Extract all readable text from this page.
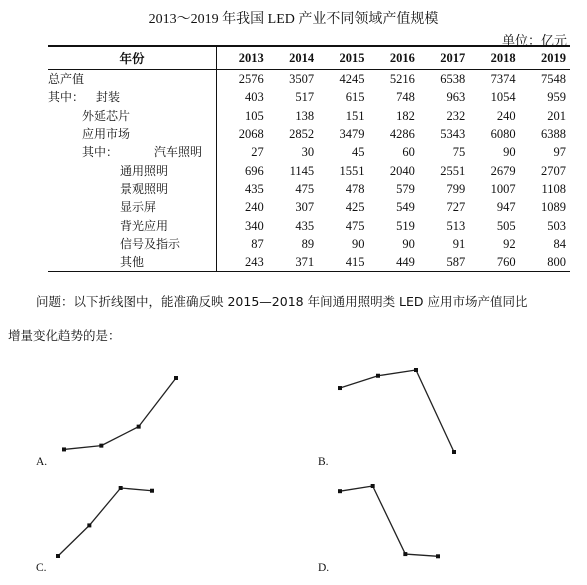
2013～2019 年我国 LED 产业不同领域产值规模
单位：亿元
年份	2013	2014	2015	2016	2017	2018	2019
总产值	2576	3507	4245	5216	6538	7374	7548
其中： 封装	403	517	615	748	963	1054	959
外延芯片	105	138	151	182	232	240	201
应用市场	2068	2852	3479	4286	5343	6080	6388
其中： 汽车照明	27	30	45	60	75	90	97
通用照明	696	1145	1551	2040	2551	2679	2707
景观照明	435	475	478	579	799	1007	1108
显示屏	240	307	425	549	727	947	1089
背光应用	340	435	475	519	513	505	503
信号及指示	87	89	90	90	91	92	84
其他	243	371	415	449	587	760	800
问题：以下折线图中，能准确反映 2015—2018 年间通用照明类 LED 应用市场产值同比
增量变化趋势的是：
A.	B.
C.	D.
